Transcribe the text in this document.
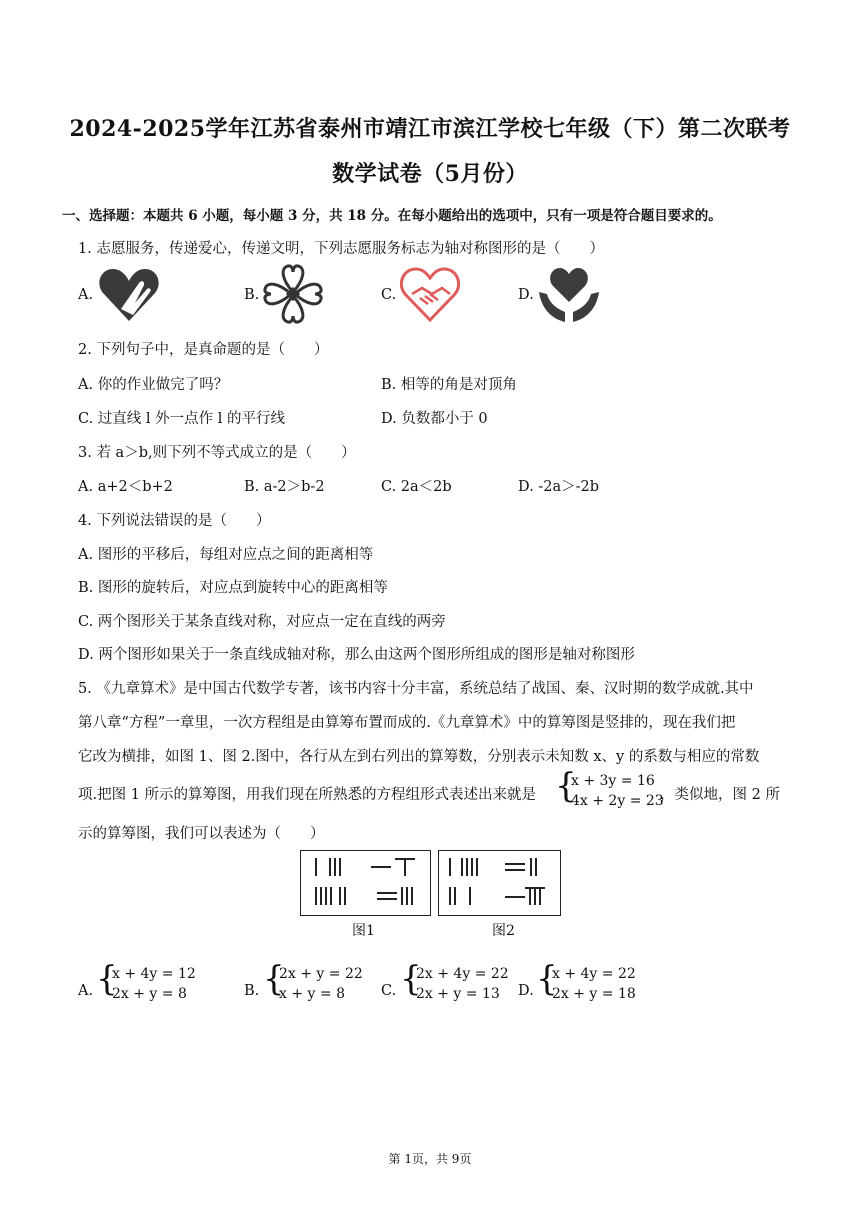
2024-2025学年江苏省泰州市靖江市滨江学校七年级（下）第二次联考
数学试卷（5月份）
一、选择题：本题共 6 小题，每小题 3 分，共 18 分。在每小题给出的选项中，只有一项是符合题目要求的。
1. 志愿服务，传递爱心，传递文明，下列志愿服务标志为轴对称图形的是（　　）
A.	B.	C.	D.
2. 下列句子中，是真命题的是（　　）
A. 你的作业做完了吗？	B. 相等的角是对顶角
C. 过直线 l 外一点作 l 的平行线	D. 负数都小于 0
3. 若 a＞b,则下列不等式成立的是（　　）
A. a+2＜b+2	B. a-2＞b-2	C. 2a＜2b	D. -2a＞-2b
4. 下列说法错误的是（　　）
A. 图形的平移后，每组对应点之间的距离相等
B. 图形的旋转后，对应点到旋转中心的距离相等
C. 两个图形关于某条直线对称，对应点一定在直线的两旁
D. 两个图形如果关于一条直线成轴对称，那么由这两个图形所组成的图形是轴对称图形
5. 《九章算术》是中国古代数学专著，该书内容十分丰富，系统总结了战国、秦、汉时期的数学成就.其中
第八章“方程”一章里，一次方程组是由算筹布置而成的.《九章算术》中的算筹图是竖排的，现在我们把
它改为横排，如图 1、图 2.图中，各行从左到右列出的算筹数，分别表示未知数 x、y 的系数与相应的常数
项.把图 1 所示的算筹图，用我们现在所熟悉的方程组形式表述出来就是 {
x + 3y = 16
4x + 2y = 23
，类似地，图 2 所
示的算筹图，我们可以表述为（　　）
图1	图2
A. {
x + 4y = 12
2x + y = 8	B. {
2x + y = 22
x + y = 8 C. {
2x + 4y = 22
2x + y = 13 D. {
x + 4y = 22
2x + y = 18
第 1页，共 9页
